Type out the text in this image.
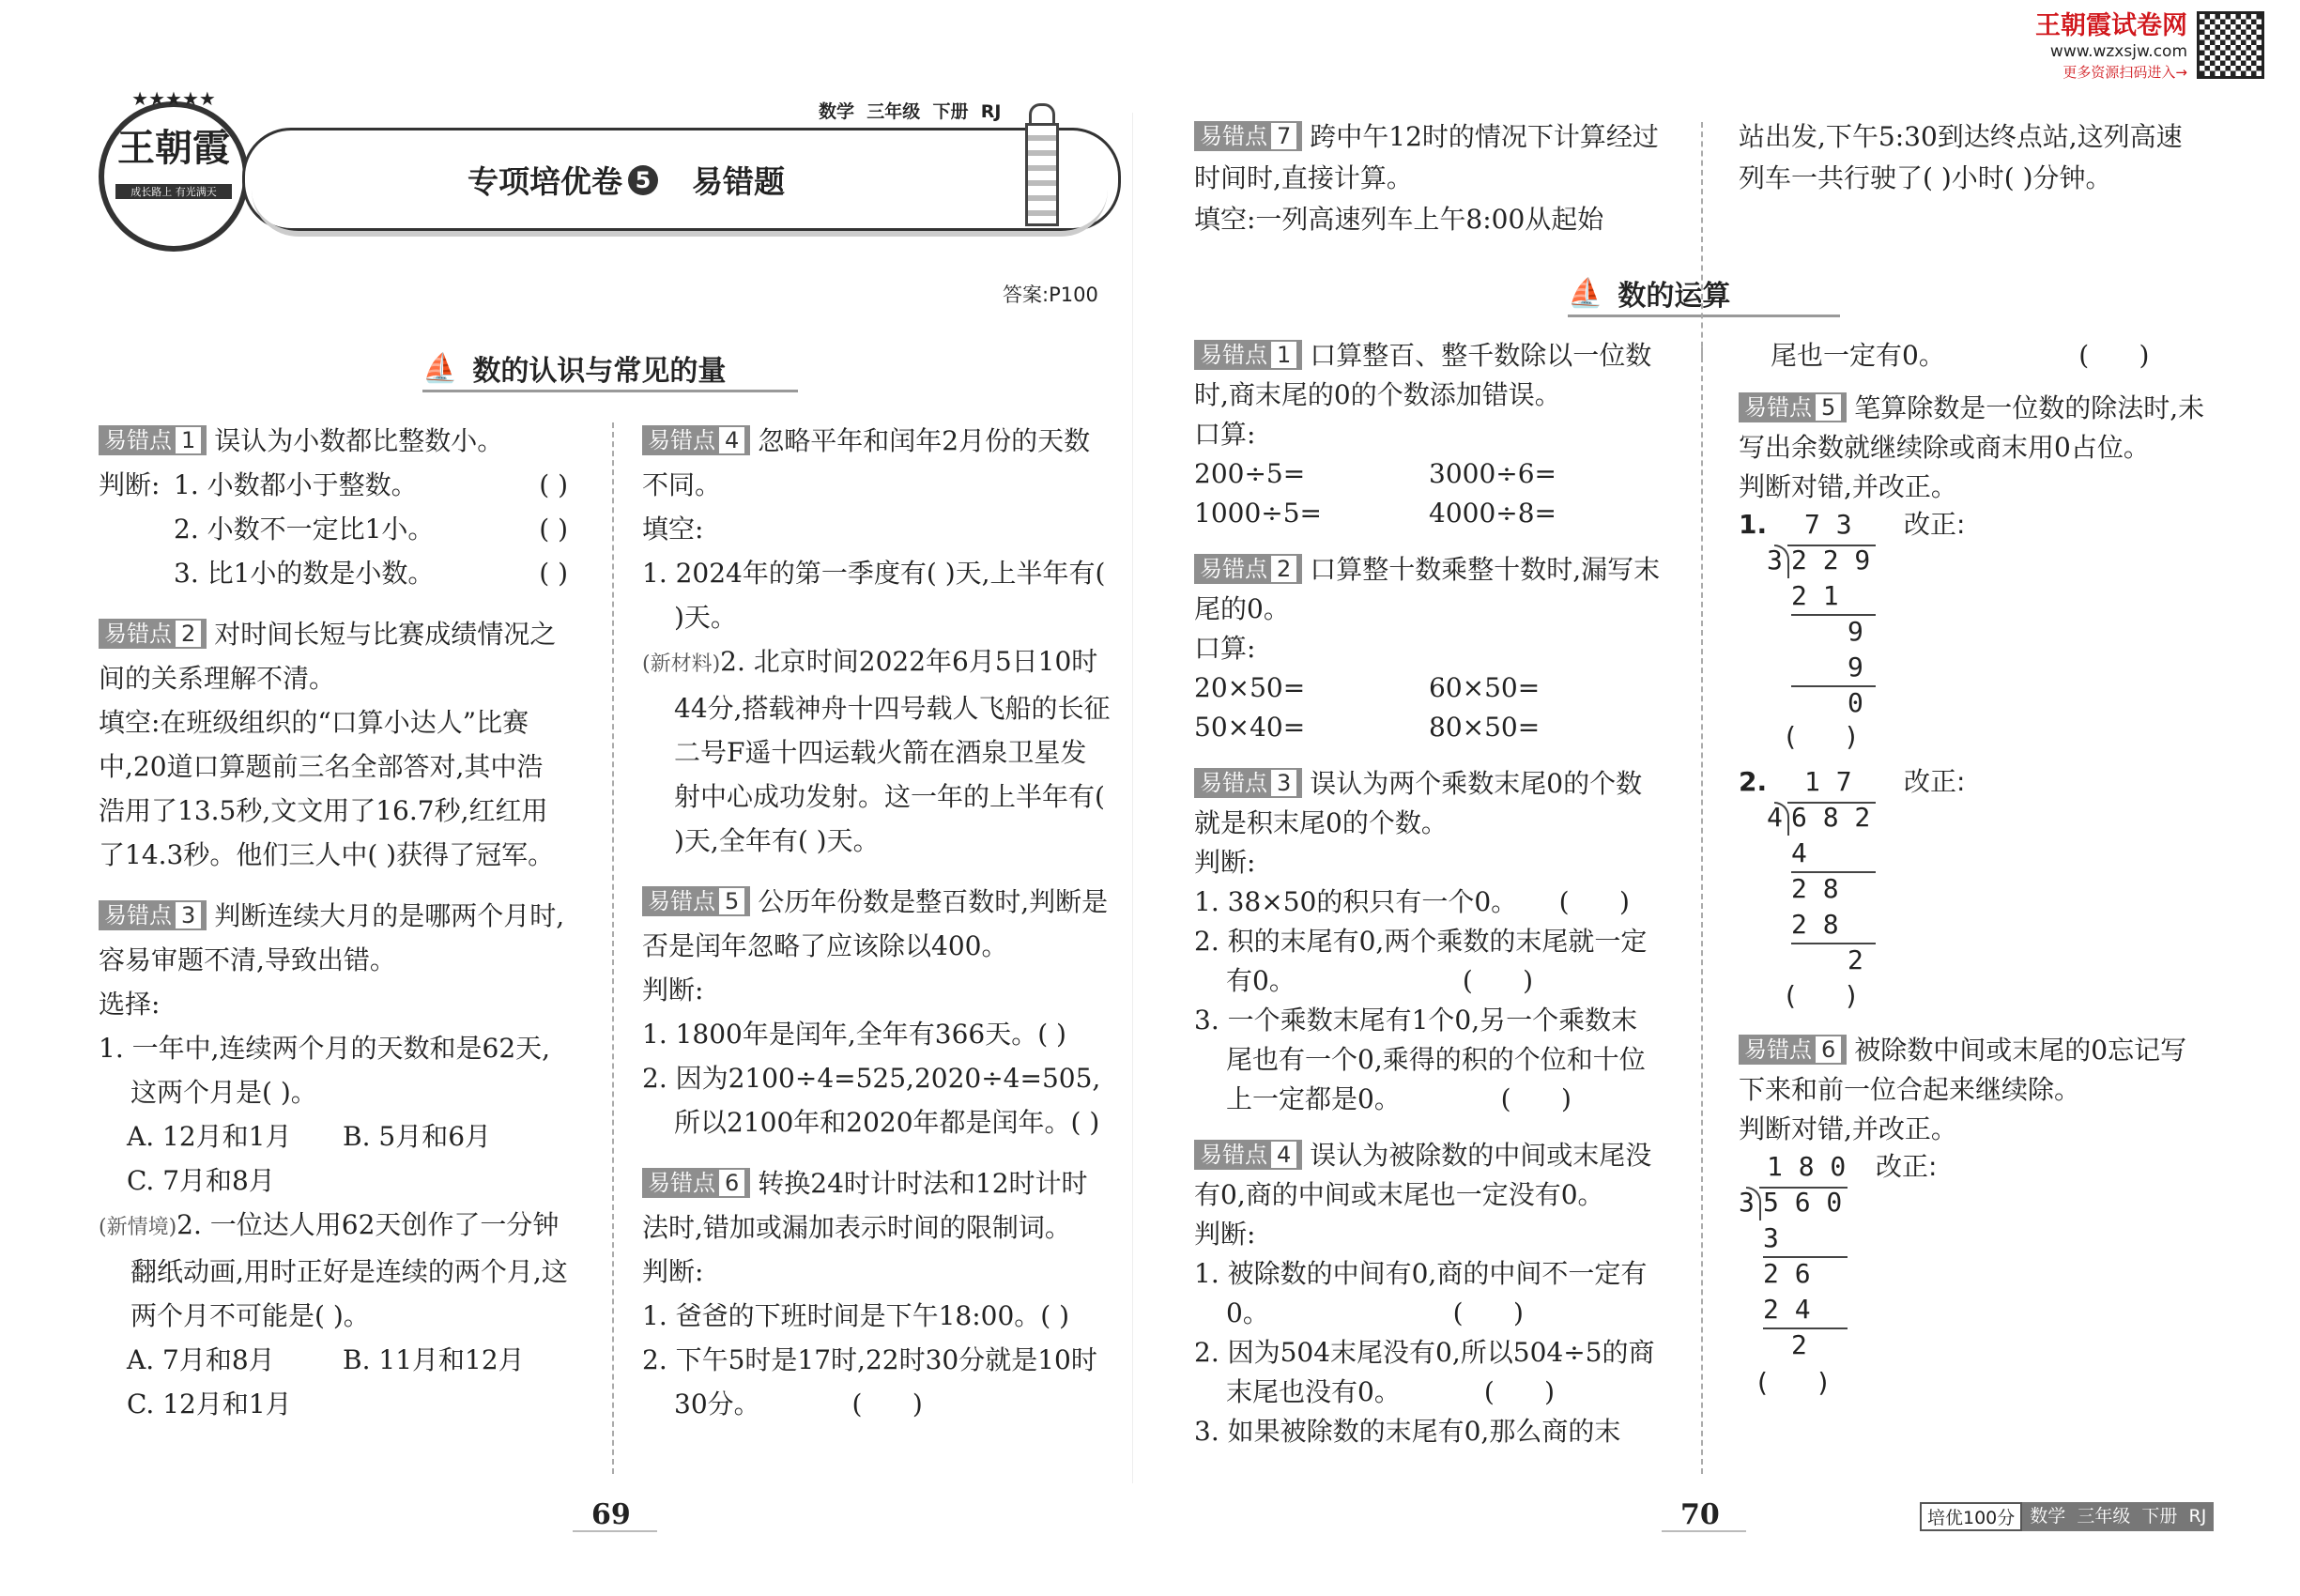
王朝霞试卷网
www.wzxsjw.com
更多资源扫码进入→
★★★★★
王朝霞
成长路上 有光满天
数学  三年级  下册  RJ
专项培优卷 5 易错题
答案:P100
⛵ 数的认识与常见的量
⛵ 数的运算

易错点 1 误认为小数都比整数小。

判断: 1. 小数都小于整数。	( )

2. 小数不一定比1小。	( )

3. 比1小的数是小数。	( )

易错点 2 对时间长短与比赛成绩情况之间的关系理解不清。

填空:在班级组织的“口算小达人”比赛中,20道口算题前三名全部答对,其中浩浩用了13.5秒,文文用了16.7秒,红红用了14.3秒。他们三人中( )获得了冠军。

易错点 3 判断连续大月的是哪两个月时,容易审题不清,导致出错。

选择:

1. 一年中,连续两个月的天数和是62天,这两个月是( )。

A. 12月和1月 B. 5月和6月

C. 7月和8月

(新情境)2. 一位达人用62天创作了一分钟翻纸动画,用时正好是连续的两个月,这两个月不可能是( )。

A. 7月和8月	B. 11月和12月

C. 12月和1月

易错点 4 忽略平年和闰年2月份的天数不同。

填空:

1. 2024年的第一季度有( )天,上半年有( )天。

(新材料)2. 北京时间2022年6月5日10时44分,搭载神舟十四号载人飞船的长征二号F遥十四运载火箭在酒泉卫星发射中心成功发射。这一年的上半年有( )天,全年有( )天。

易错点 5 公历年份数是整百数时,判断是否是闰年忽略了应该除以400。

判断:

1. 1800年是闰年,全年有366天。( )

2. 因为2100÷4=525,2020÷4=505,所以2100年和2020年都是闰年。( )

易错点 6 转换24时计时法和12时计时法时,错加或漏加表示时间的限制词。

判断:

1. 爸爸的下班时间是下午18:00。( )

2. 下午5时是17时,22时30分就是10时30分。           (      )

易错点 7 跨中午12时的情况下计算经过时间时,直接计算。

填空:一列高速列车上午8:00从起始

易错点 1 口算整百、整千数除以一位数时,商末尾的0的个数添加错误。

口算:

200÷5=	3000÷6=

1000÷5=	4000÷8=

易错点 2 口算整十数乘整十数时,漏写末尾的0。

口算:

20×50=	60×50=

50×40=	80×50=

易错点 3 误认为两个乘数末尾0的个数就是积末尾0的个数。

判断:

1. 38×50的积只有一个0。     (      )

2. 积的末尾有0,两个乘数的末尾就一定有0。                    (      )

3. 一个乘数末尾有1个0,另一个乘数末尾也有一个0,乘得的积的个位和十位上一定都是0。            (      )

易错点 4 误认为被除数的中间或末尾没有0,商的中间或末尾也一定没有0。

判断:

1. 被除数的中间有0,商的中间不一定有0。                      (      )

2. 因为504末尾没有0,所以504÷5的商末尾也没有0。          (      )

3. 如果被除数的末尾有0,那么商的末

站出发,下午5:30到达终点站,这列高速列车一共行驶了( )小时( )分钟。

尾也一定有0。                (      )

易错点 5 笔算除数是一位数的除法时,未写出余数就继续除或商末用0占位。

判断对错,并改正。

1. 7 3 改正:
3 2 2 9
2 1
9
9
0
(      )
2. 1 7 改正:
4 6 8 2
4
2 8
2 8
2
(      )

易错点 6 被除数中间或末尾的0忘记写下来和前一位合起来继续除。

判断对错,并改正。

1 8 0 改正:
3 5 6 0
3
2 6
2 4
2
(      )
69	70	培优100分 数学  三年级  下册  RJ
